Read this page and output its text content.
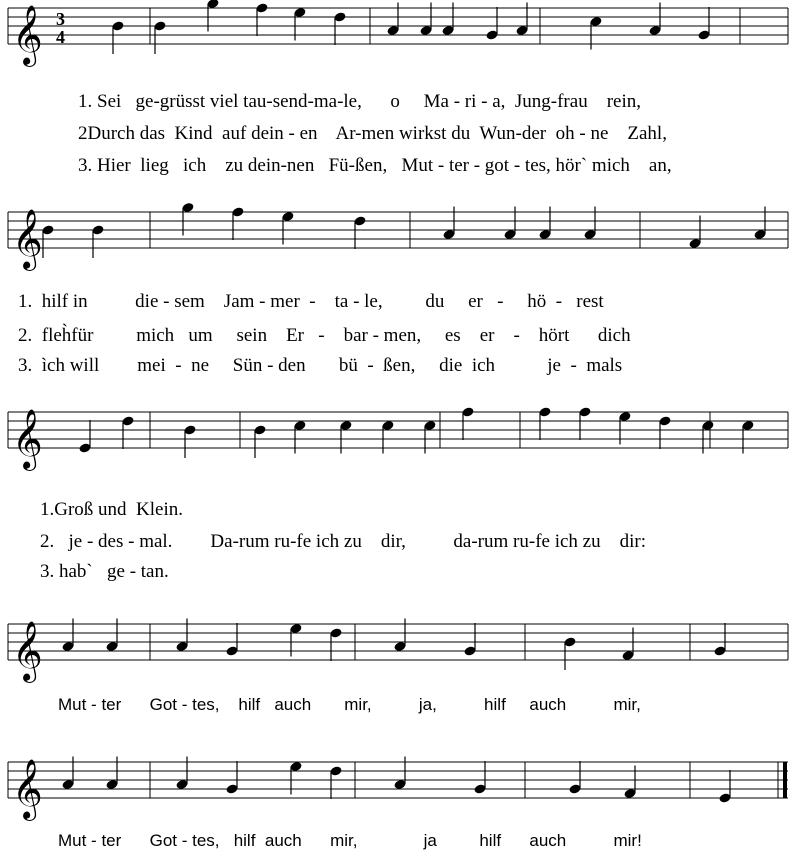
𝄞 3
4
𝄞
𝄞
𝄞
𝄞
1. Sei   ge-grüsst viel tau-send-ma-le,      o     Ma - ri - a,  Jung-frau    rein,
2Durch das  Kind  auf dein - en    Ar-men wirkst du  Wun-der  oh - ne    Zahl,
3. Hier  lieg   ich    zu dein-nen   Fü-ßen,   Mut - ter - got - tes, hör` mich    an,
1.  hilf in          die - sem    Jam - mer  -    ta - le,         du     er   -     hö  -   rest
2.  fleh̀für         mich   um     sein    Er   -    bar - men,     es    er    -    hört      dich
3.  ìch will        mei  -  ne     Sün - den       bü  -  ßen,     die  ich           je  -  mals
1.Groß und  Klein.
2.   je - des - mal.        Da-rum ru-fe ich zu    dir,          da-rum ru-fe ich zu    dir:
3. hab`   ge - tan.
Mut - ter      Got - tes,    hilf   auch       mir,          ja,          hilf     auch          mir,
Mut - ter      Got - tes,   hilf  auch      mir,              ja         hilf      auch          mir!
